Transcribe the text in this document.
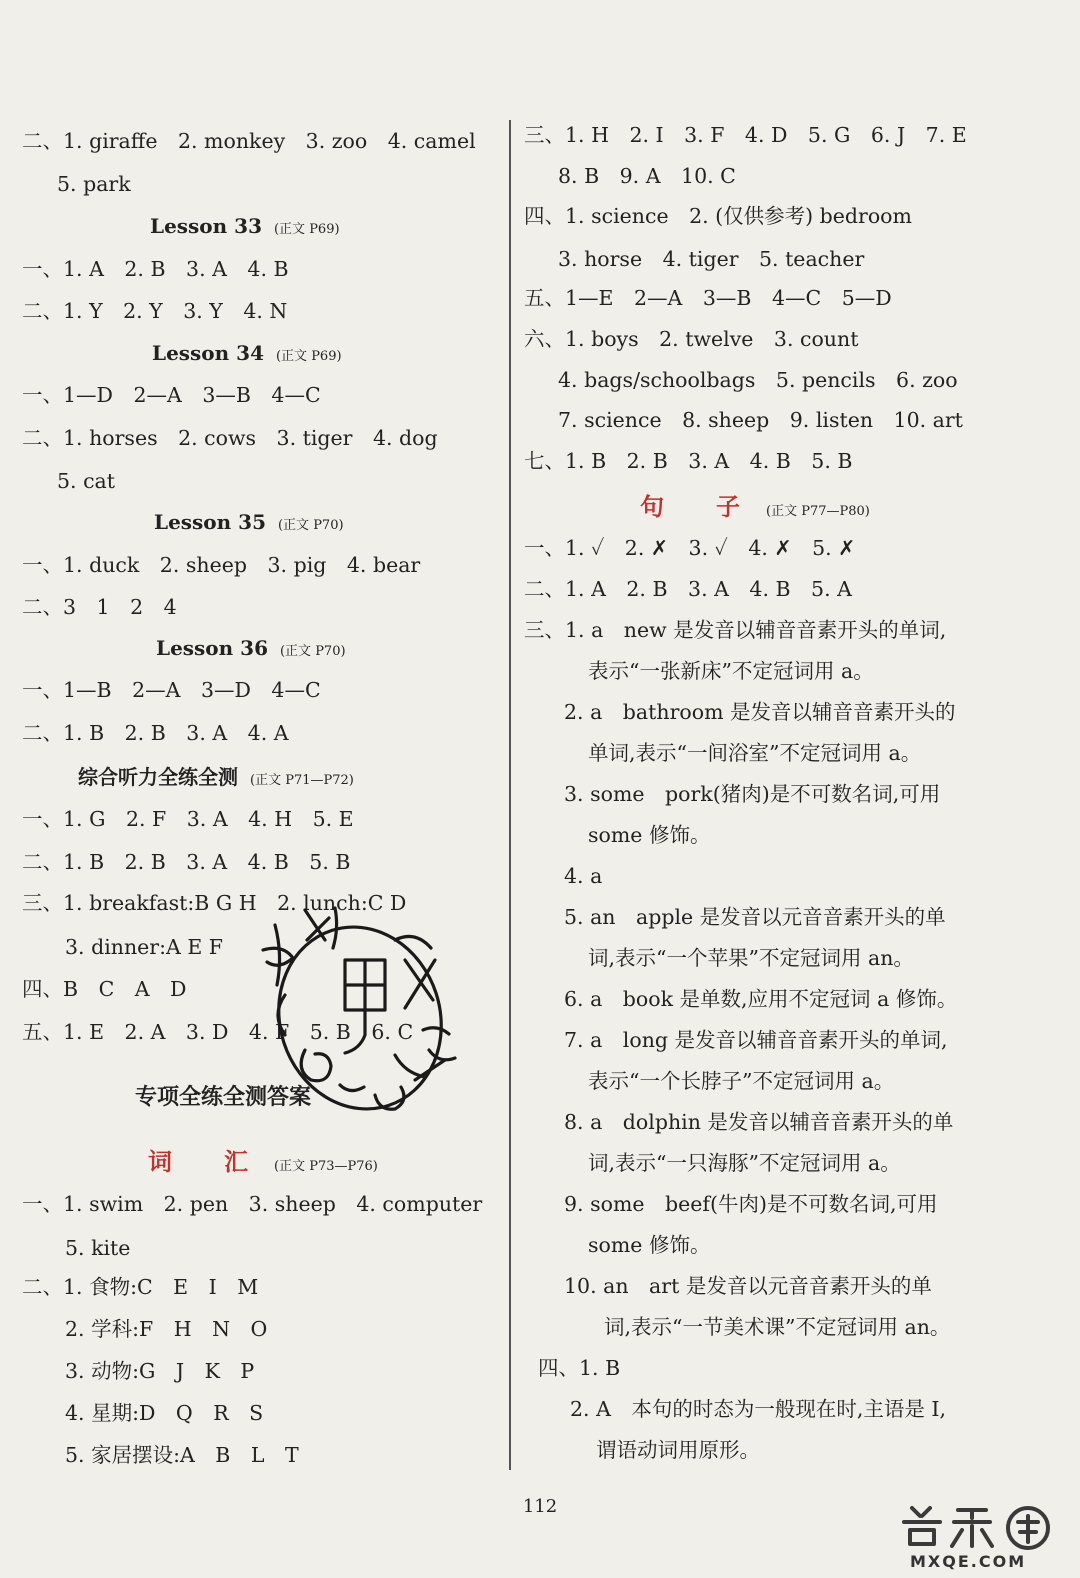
二、1. giraffe　2. monkey　3. zoo　4. camel
5. park
Lesson 33 (正文 P69)
一、1. A　2. B　3. A　4. B
二、1. Y　2. Y　3. Y　4. N
Lesson 34 (正文 P69)
一、1—D　2—A　3—B　4—C
二、1. horses　2. cows　3. tiger　4. dog
5. cat
Lesson 35 (正文 P70)
一、1. duck　2. sheep　3. pig　4. bear
二、3　1　2　4
Lesson 36 (正文 P70)
一、1—B　2—A　3—D　4—C
二、1. B　2. B　3. A　4. A
综合听力全练全测 (正文 P71—P72)
一、1. G　2. F　3. A　4. H　5. E
二、1. B　2. B　3. A　4. B　5. B
三、1. breakfast:B G H　2. lunch:C D
3. dinner:A E F
四、B　C　A　D
五、1. E　2. A　3. D　4. F　5. B　6. C
专项全练全测答案
词　汇 (正文 P73—P76)
一、1. swim　2. pen　3. sheep　4. computer
5. kite
二、1. 食物:C　E　I　M
2. 学科:F　H　N　O
3. 动物:G　J　K　P
4. 星期:D　Q　R　S
5. 家居摆设:A　B　L　T
三、1. H　2. I　3. F　4. D　5. G　6. J　7. E
8. B　9. A　10. C
四、1. science　2. (仅供参考) bedroom
3. horse　4. tiger　5. teacher
五、1—E　2—A　3—B　4—C　5—D
六、1. boys　2. twelve　3. count
4. bags/schoolbags　5. pencils　6. zoo
7. science　8. sheep　9. listen　10. art
七、1. B　2. B　3. A　4. B　5. B
句　子 (正文 P77—P80)
一、1. ✓　2. ✗　3. ✓　4. ✗　5. ✗
二、1. A　2. B　3. A　4. B　5. A
三、1. a　new 是发音以辅音音素开头的单词,
表示“一张新床”不定冠词用 a。
2. a　bathroom 是发音以辅音音素开头的
单词,表示“一间浴室”不定冠词用 a。
3. some　pork(猪肉)是不可数名词,可用
some 修饰。
4. a
5. an　apple 是发音以元音音素开头的单
词,表示“一个苹果”不定冠词用 an。
6. a　book 是单数,应用不定冠词 a 修饰。
7. a　long 是发音以辅音音素开头的单词,
表示“一个长脖子”不定冠词用 a。
8. a　dolphin 是发音以辅音音素开头的单
词,表示“一只海豚”不定冠词用 a。
9. some　beef(牛肉)是不可数名词,可用
some 修饰。
10. an　art 是发音以元音音素开头的单
词,表示“一节美术课”不定冠词用 an。
四、1. B
2. A　本句的时态为一般现在时,主语是 I,
谓语动词用原形。
112
MXQE.COM
